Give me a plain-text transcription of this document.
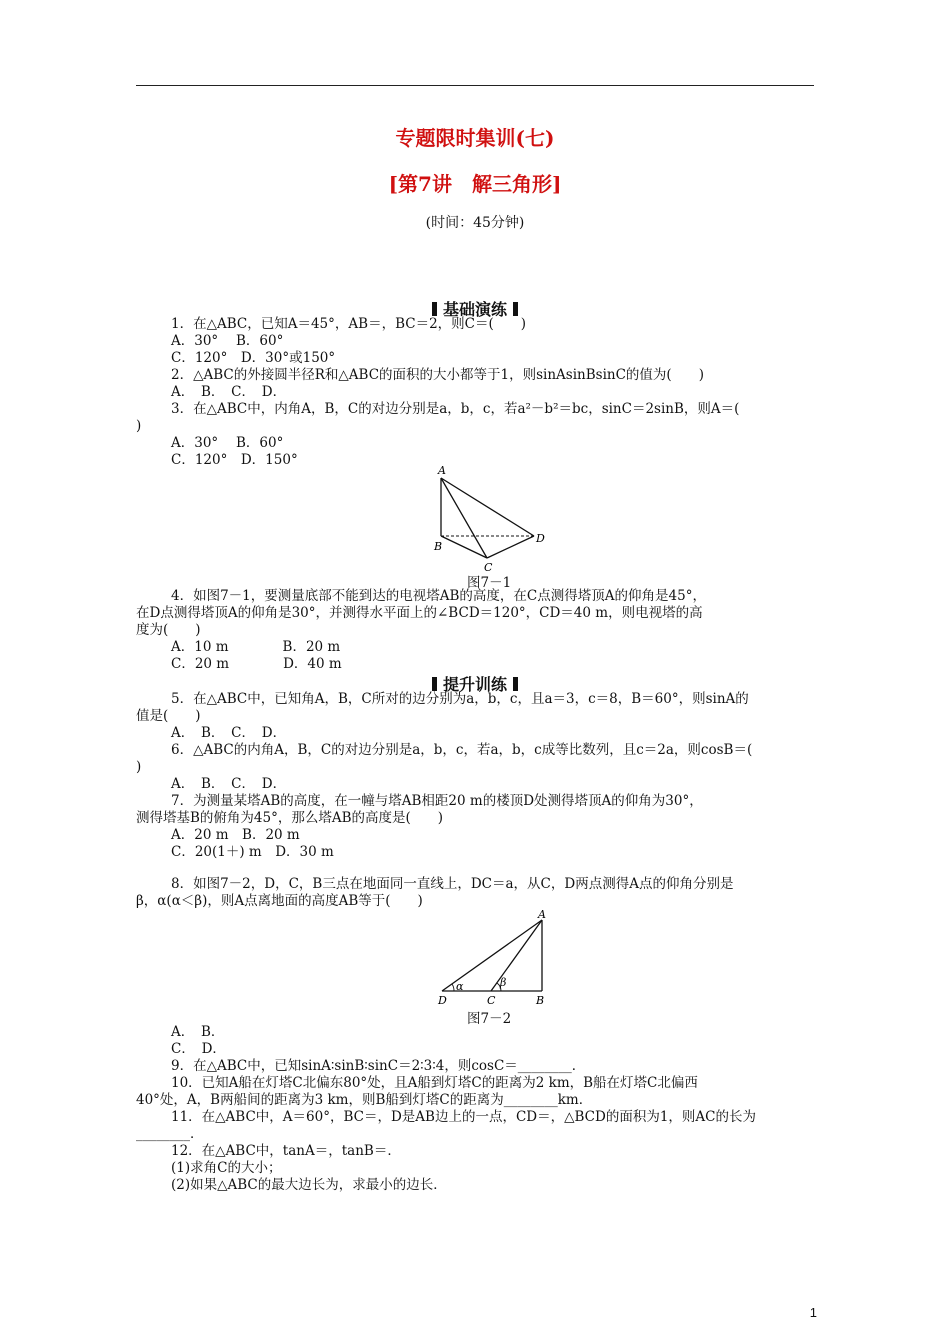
专题限时集训(七)
[第7讲　解三角形]
(时间：45分钟)
基础演练
1．在△ABC，已知A＝45°，AB＝，BC＝2，则C＝(　　)
A．30°　 B．60°
C．120°　D．30°或150°
2．△ABC的外接圆半径R和△ABC的面积的大小都等于1，则sinAsinBsinC的值为(　　)
A．　B．　C．　D．
3．在△ABC中，内角A，B，C的对边分别是a，b，c，若a²－b²＝bc，sinC＝2sinB，则A＝(
)
A．30°　 B．60°
C．120°　D．150°
A
B
C
D
图7－1
4．如图7－1，要测量底部不能到达的电视塔AB的高度，在C点测得塔顶A的仰角是45°，
在D点测得塔顶A的仰角是30°，并测得水平面上的∠BCD＝120°，CD＝40 m，则电视塔的高
度为(　　)
A．10 m　　　　B．20 m
C．20 m　　　　D．40 m
提升训练
5．在△ABC中，已知角A，B，C所对的边分别为a，b，c，且a＝3，c＝8，B＝60°，则sinA的
值是(　　)
A．　B．　C．　D．
6．△ABC的内角A，B，C的对边分别是a，b，c，若a，b，c成等比数列，且c＝2a，则cosB＝(
)
A．　B．　C．　D．
7．为测量某塔AB的高度，在一幢与塔AB相距20 m的楼顶D处测得塔顶A的仰角为30°，
测得塔基B的俯角为45°，那么塔AB的高度是(　　)
A．20 m　B．20 m
C．20(1＋) m　D．30 m
8．如图7－2，D，C，B三点在地面同一直线上，DC＝a，从C，D两点测得A点的仰角分别是
β，α(α＜β)，则A点离地面的高度AB等于(　　)
A
B
C
D
α	β
图7－2
A．　B．
C．　D．
9．在△ABC中，已知sinA∶sinB∶sinC＝2∶3∶4，则cosC＝________．
10．已知A船在灯塔C北偏东80°处，且A船到灯塔C的距离为2 km，B船在灯塔C北偏西
40°处，A，B两船间的距离为3 km，则B船到灯塔C的距离为________km．
11．在△ABC中，A＝60°，BC＝，D是AB边上的一点，CD＝，△BCD的面积为1，则AC的长为
________．
12．在△ABC中，tanA＝，tanB＝．
(1)求角C的大小；
(2)如果△ABC的最大边长为，求最小的边长．
1
